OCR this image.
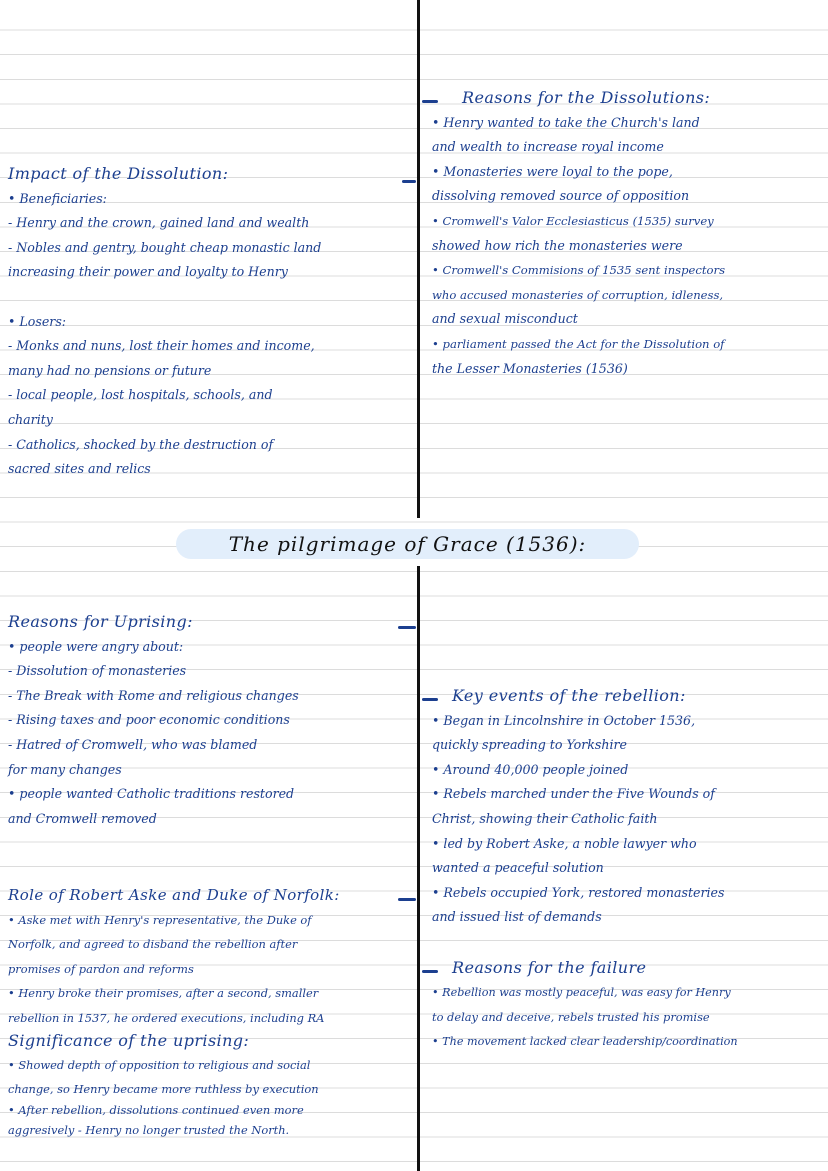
Reasons for the Dissolutions:
• Henry wanted to take the Church's land
and wealth to increase royal income
• Monasteries were loyal to the pope,
dissolving removed source of opposition
• Cromwell's Valor Ecclesiasticus (1535) survey
showed how rich the monasteries were
• Cromwell's Commisions of 1535 sent inspectors
who accused monasteries of corruption, idleness,
and sexual misconduct
• parliament passed the Act for the Dissolution of
the Lesser Monasteries (1536)
Impact of the Dissolution:
• Beneficiaries:
- Henry and the crown, gained land and wealth
- Nobles and gentry, bought cheap monastic land
increasing their power and loyalty to Henry
• Losers:
- Monks and nuns, lost their homes and income,
many had no pensions or future
- local people, lost hospitals, schools, and
charity
- Catholics, shocked by the destruction of
sacred sites and relics
The pilgrimage of Grace (1536):
Reasons for Uprising:
• people were angry about:
- Dissolution of monasteries
- The Break with Rome and religious changes
- Rising taxes and poor economic conditions
- Hatred of Cromwell, who was blamed
for many changes
• people wanted Catholic traditions restored
and Cromwell removed
Role of Robert Aske and Duke of Norfolk:
• Aske met with Henry's representative, the Duke of
Norfolk, and agreed to disband the rebellion after
promises of pardon and reforms
• Henry broke their promises, after a second, smaller
rebellion in 1537, he ordered executions, including RA
Significance of the uprising:
• Showed depth of opposition to religious and social
change, so Henry became more ruthless by execution
• After rebellion, dissolutions continued even more
aggresively - Henry no longer trusted the North.
Key events of the rebellion:
• Began in Lincolnshire in October 1536,
quickly spreading to Yorkshire
• Around 40,000 people joined
• Rebels marched under the Five Wounds of
Christ, showing their Catholic faith
• led by Robert Aske, a noble lawyer who
wanted a peaceful solution
• Rebels occupied York, restored monasteries
and issued list of demands
Reasons for the failure
• Rebellion was mostly peaceful, was easy for Henry
to delay and deceive, rebels trusted his promise
• The movement lacked clear leadership/coordination
